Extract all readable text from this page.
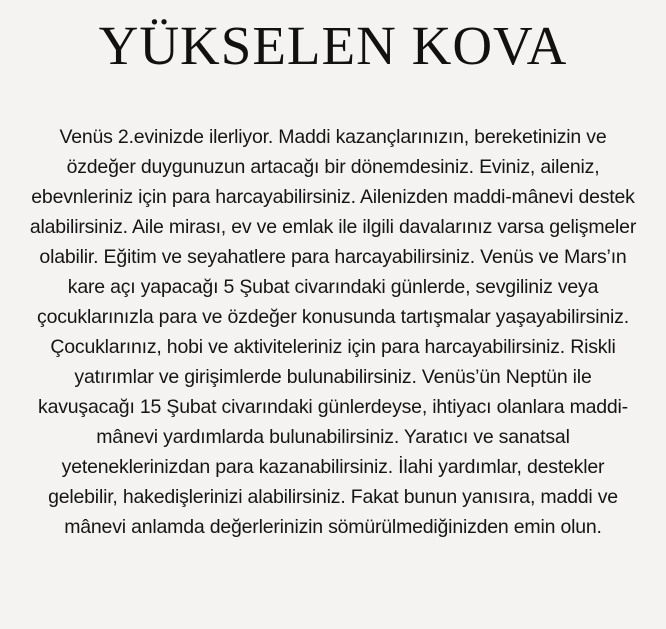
YÜKSELEN KOVA
Venüs 2.evinizde ilerliyor. Maddi kazançlarınızın, bereketinizin ve
özdeğer duygunuzun artacağı bir dönemdesiniz. Eviniz, aileniz,
ebevnleriniz için para harcayabilirsiniz. Ailenizden maddi-mânevi destek
alabilirsiniz. Aile mirası, ev ve emlak ile ilgili davalarınız varsa gelişmeler
olabilir. Eğitim ve seyahatlere para harcayabilirsiniz. Venüs ve Mars’ın
kare açı yapacağı 5 Şubat civarındaki günlerde, sevgiliniz veya
çocuklarınızla para ve özdeğer konusunda tartışmalar yaşayabilirsiniz.
Çocuklarınız, hobi ve aktiviteleriniz için para harcayabilirsiniz. Riskli
yatırımlar ve girişimlerde bulunabilirsiniz. Venüs’ün Neptün ile
kavuşacağı 15 Şubat civarındaki günlerdeyse, ihtiyacı olanlara maddi-
mânevi yardımlarda bulunabilirsiniz. Yaratıcı ve sanatsal
yeteneklerinizdan para kazanabilirsiniz. İlahi yardımlar, destekler
gelebilir, hakedişlerinizi alabilirsiniz. Fakat bunun yanısıra, maddi ve
mânevi anlamda değerlerinizin sömürülmediğinizden emin olun.
